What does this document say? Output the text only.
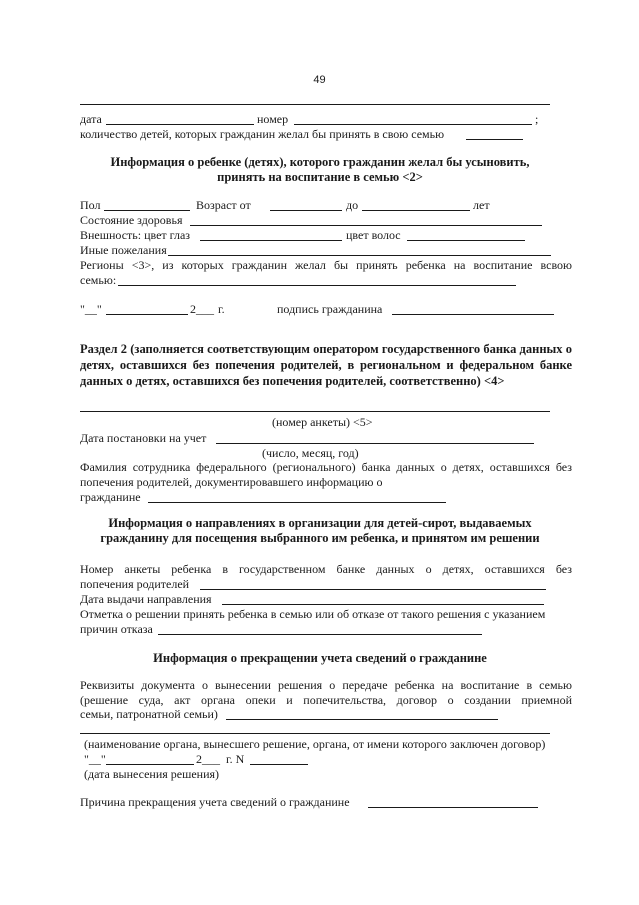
49
дата	номер	;
количество детей, которых гражданин желал бы принять в свою семью
Информация о ребенке (детях), которого гражданин желал бы усыновить,
принять на воспитание в семью <2>
Пол	Возраст от	до	лет
Состояние здоровья
Внешность: цвет глаз	цвет волос
Иные пожелания
Регионы <3>, из которых гражданин желал бы принять ребенка на воспитание всвою
семью:
"__"	2___ г.	подпись гражданина
Раздел 2 (заполняется соответствующим оператором государственного банка данных о детях, оставшихся без попечения родителей, в региональном и федеральном банке данных о детях, оставшихся без попечения родителей, соответственно) <4>
(номер анкеты) <5>
Дата постановки на учет
(число, месяц, год)
Фамилия сотрудника федерального (регионального) банка данных о детях, оставшихся без попечения родителей, документировавшего информацию о
гражданине
Информация о направлениях в организации для детей-сирот, выдаваемых
гражданину для посещения выбранного им ребенка, и принятом им решении
Номер анкеты ребенка в государственном банке данных о детях, оставшихся без
попечения родителей
Дата выдачи направления
Отметка о решении принять ребенка в семью или об отказе от такого решения с указанием
причин отказа
Информация о прекращении учета сведений о гражданине
Реквизиты документа о вынесении решения о передаче ребенка на воспитание в семью (решение суда, акт органа опеки и попечительства, договор о создании приемной
семьи, патронатной семьи)
(наименование органа, вынесшего решение, органа, от имени которого заключен договор)
"__"	2___ г. N
(дата вынесения решения)
Причина прекращения учета сведений о гражданине
